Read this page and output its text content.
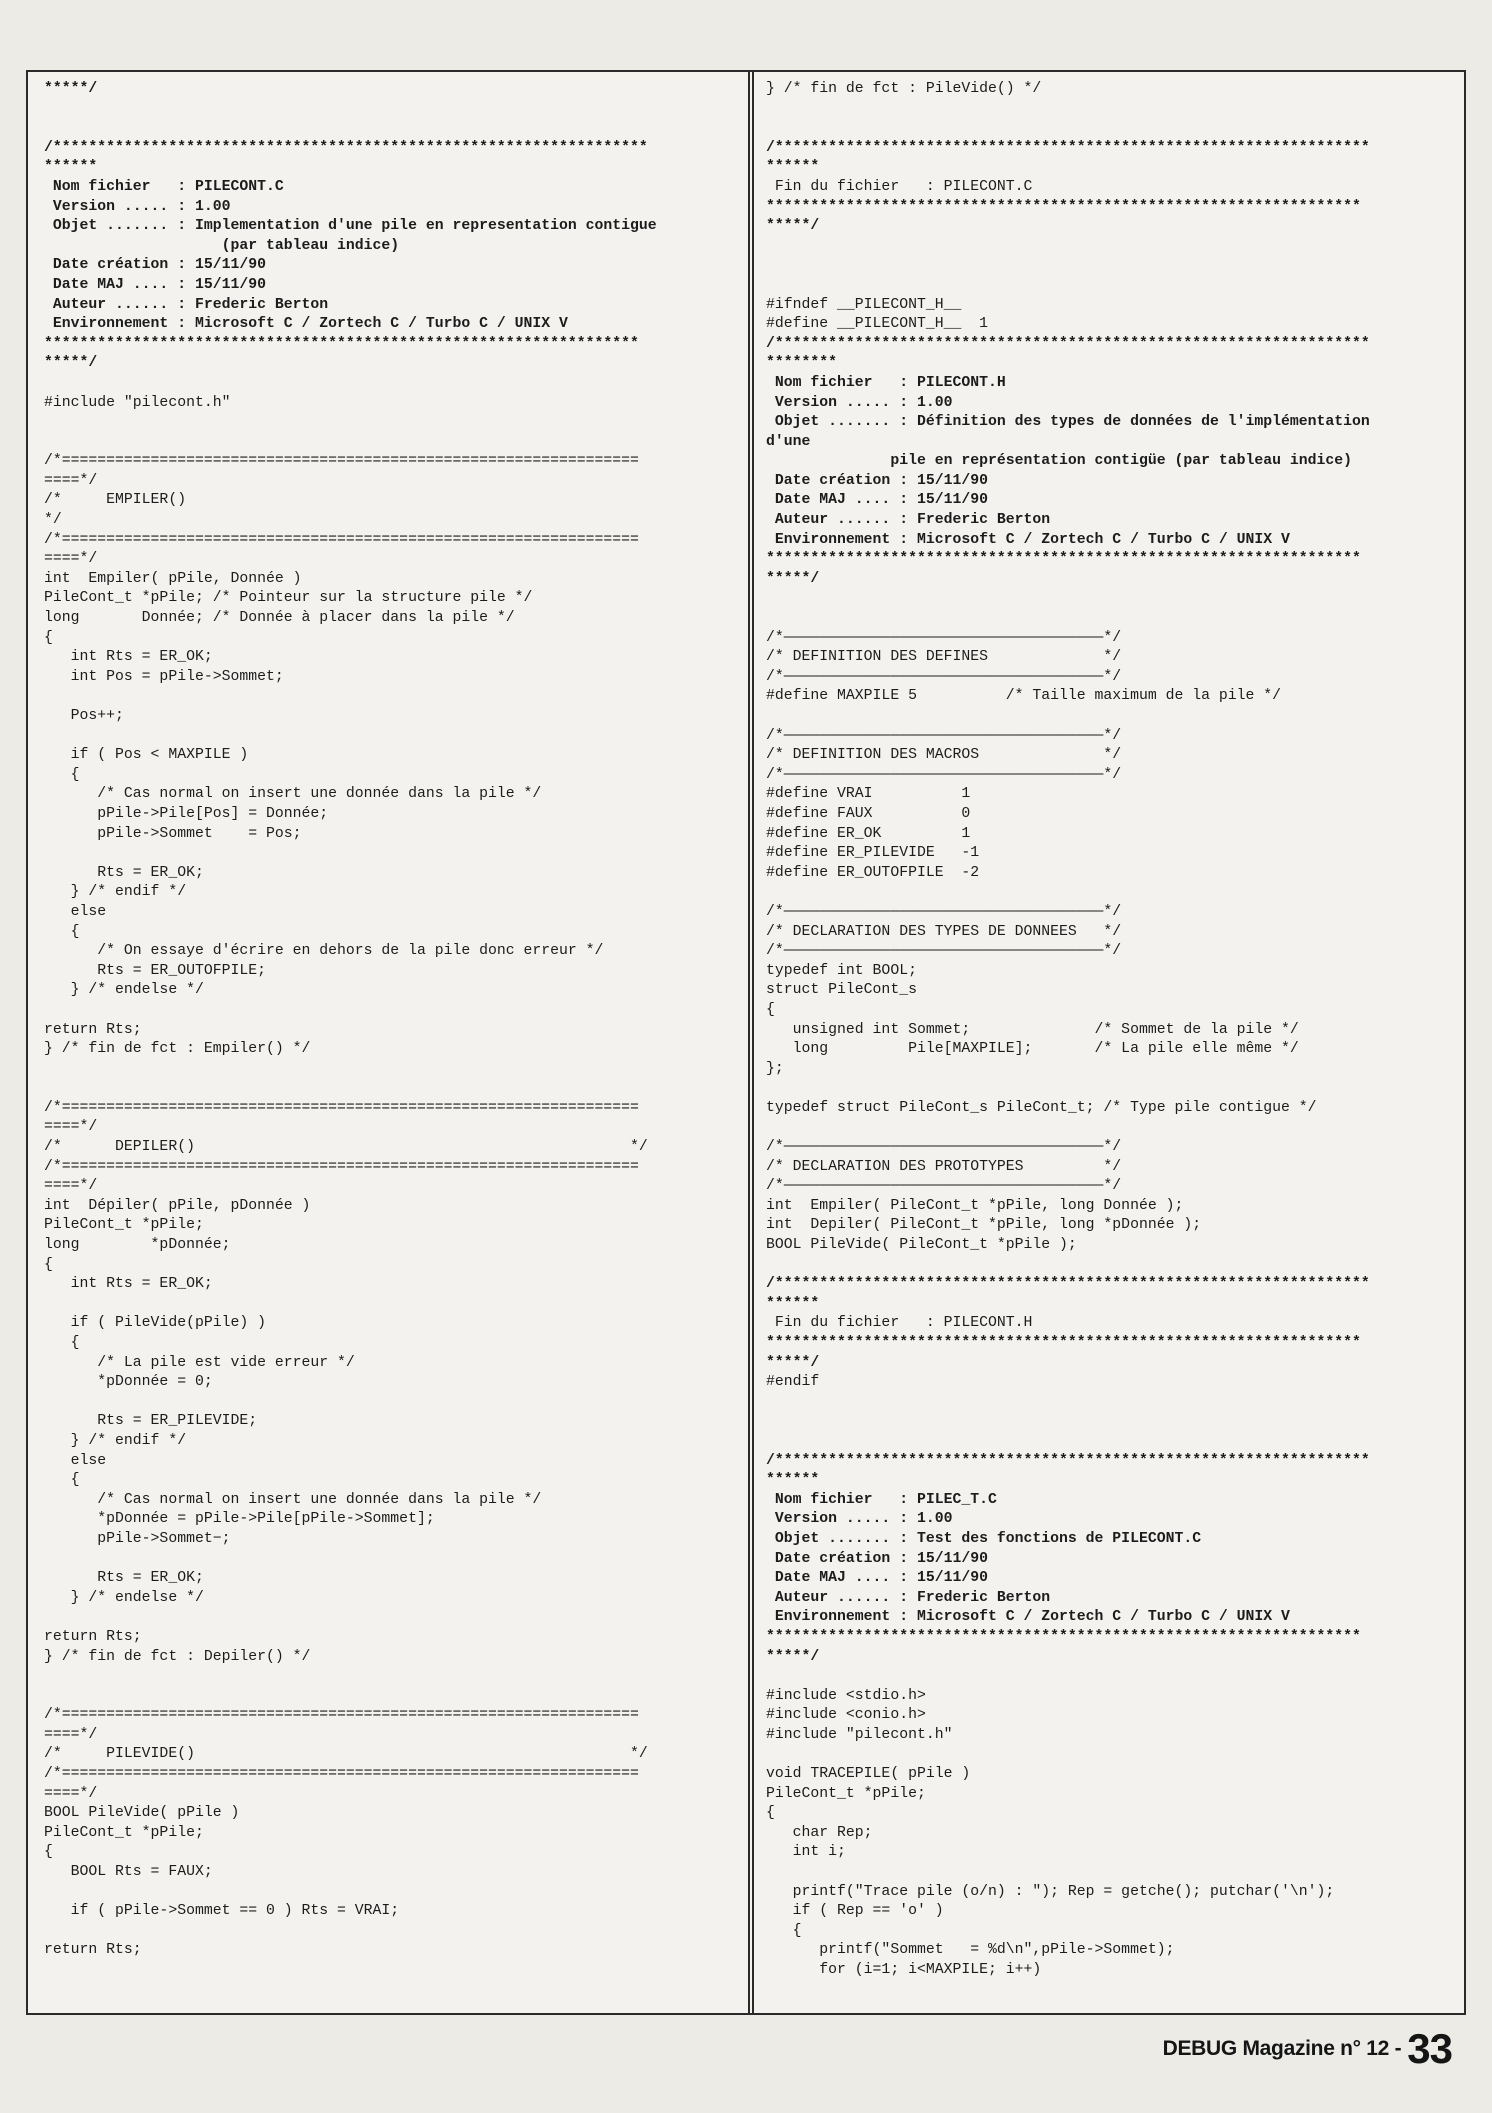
*****/

/*******************************************************************
******
Nom fichier   : PILECONT.C
Version ..... : 1.00
Objet ....... : Implementation d'une pile en representation contigue
(par tableau indice)
Date création : 15/11/90
Date MAJ .... : 15/11/90
Auteur ...... : Frederic Berton
Environnement : Microsoft C / Zortech C / Turbo C / UNIX V
*******************************************************************
*****/

#include "pilecont.h"

/*=================================================================
====*/
/*     EMPILER()
*/
/*=================================================================
====*/
int  Empiler( pPile, Donnée )
PileCont_t *pPile; /* Pointeur sur la structure pile */
long       Donnée; /* Donnée à placer dans la pile */
{
int Rts = ER_OK;
int Pos = pPile->Sommet;

Pos++;

if ( Pos < MAXPILE )
{
/* Cas normal on insert une donnée dans la pile */
pPile->Pile[Pos] = Donnée;
pPile->Sommet    = Pos;

Rts = ER_OK;
} /* endif */
else
{
/* On essaye d'écrire en dehors de la pile donc erreur */
Rts = ER_OUTOFPILE;
} /* endelse */

return Rts;
} /* fin de fct : Empiler() */

/*=================================================================
====*/
/*      DEPILER()                                                 */
/*=================================================================
====*/
int  Dépiler( pPile, pDonnée )
PileCont_t *pPile;
long        *pDonnée;
{
int Rts = ER_OK;

if ( PileVide(pPile) )
{
/* La pile est vide erreur */
*pDonnée = 0;

Rts = ER_PILEVIDE;
} /* endif */
else
{
/* Cas normal on insert une donnée dans la pile */
*pDonnée = pPile->Pile[pPile->Sommet];
pPile->Sommet−;

Rts = ER_OK;
} /* endelse */

return Rts;
} /* fin de fct : Depiler() */

/*=================================================================
====*/
/*     PILEVIDE()                                                 */
/*=================================================================
====*/
BOOL PileVide( pPile )
PileCont_t *pPile;
{
BOOL Rts = FAUX;

if ( pPile->Sommet == 0 ) Rts = VRAI;

return Rts;
} /* fin de fct : PileVide() */

/*******************************************************************
******
Fin du fichier   : PILECONT.C
*******************************************************************
*****/

#ifndef __PILECONT_H__
#define __PILECONT_H__  1
/*******************************************************************
********
Nom fichier   : PILECONT.H
Version ..... : 1.00
Objet ....... : Définition des types de données de l'implémentation
d'une
pile en représentation contigüe (par tableau indice)
Date création : 15/11/90
Date MAJ .... : 15/11/90
Auteur ...... : Frederic Berton
Environnement : Microsoft C / Zortech C / Turbo C / UNIX V
*******************************************************************
*****/

/*————————————————————————————————————*/
/* DEFINITION DES DEFINES             */
/*————————————————————————————————————*/
#define MAXPILE 5          /* Taille maximum de la pile */

/*————————————————————————————————————*/
/* DEFINITION DES MACROS              */
/*————————————————————————————————————*/
#define VRAI          1
#define FAUX          0
#define ER_OK         1
#define ER_PILEVIDE   -1
#define ER_OUTOFPILE  -2

/*————————————————————————————————————*/
/* DECLARATION DES TYPES DE DONNEES   */
/*————————————————————————————————————*/
typedef int BOOL;
struct PileCont_s
{
unsigned int Sommet;              /* Sommet de la pile */
long         Pile[MAXPILE];       /* La pile elle même */
};

typedef struct PileCont_s PileCont_t; /* Type pile contigue */

/*————————————————————————————————————*/
/* DECLARATION DES PROTOTYPES         */
/*————————————————————————————————————*/
int  Empiler( PileCont_t *pPile, long Donnée );
int  Depiler( PileCont_t *pPile, long *pDonnée );
BOOL PileVide( PileCont_t *pPile );

/*******************************************************************
******
Fin du fichier   : PILECONT.H
*******************************************************************
*****/
#endif

/*******************************************************************
******
Nom fichier   : PILEC_T.C
Version ..... : 1.00
Objet ....... : Test des fonctions de PILECONT.C
Date création : 15/11/90
Date MAJ .... : 15/11/90
Auteur ...... : Frederic Berton
Environnement : Microsoft C / Zortech C / Turbo C / UNIX V
*******************************************************************
*****/

#include <stdio.h>
#include <conio.h>
#include "pilecont.h"

void TRACEPILE( pPile )
PileCont_t *pPile;
{
char Rep;
int i;

printf("Trace pile (o/n) : "); Rep = getche(); putchar('\n');
if ( Rep == 'o' )
{
printf("Sommet   = %d\n",pPile->Sommet);
for (i=1; i<MAXPILE; i++)
DEBUG Magazine n° 12 - 33
